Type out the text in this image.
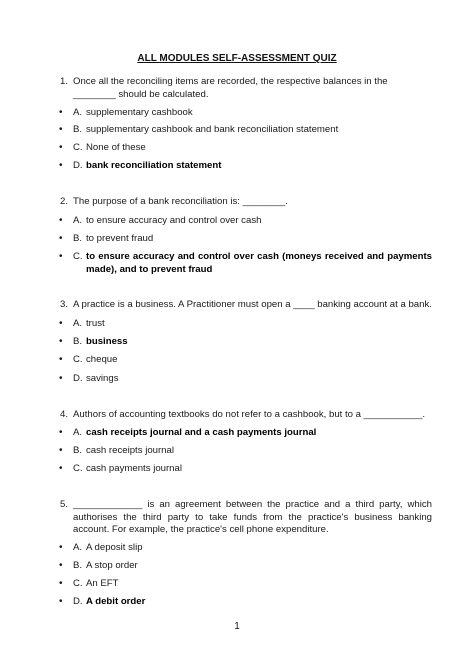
ALL MODULES SELF-ASSESSMENT QUIZ
1. Once all the reconciling items are recorded, the respective balances in the ________ should be calculated.
• A. supplementary cashbook
• B. supplementary cashbook and bank reconciliation statement
• C. None of these
• D. bank reconciliation statement
2. The purpose of a bank reconciliation is: ________.
• A. to ensure accuracy and control over cash
• B. to prevent fraud
• C. to ensure accuracy and control over cash (moneys received and payments made), and to prevent fraud
3. A practice is a business. A Practitioner must open a ____ banking account at a bank.
• A. trust
• B. business
• C. cheque
• D. savings
4. Authors of accounting textbooks do not refer to a cashbook, but to a ___________.
• A. cash receipts journal and a cash payments journal
• B. cash receipts journal
• C. cash payments journal
5. _____________ is an agreement between the practice and a third party, which authorises the third party to take funds from the practice's business banking account. For example, the practice's cell phone expenditure.
• A. A deposit slip
• B. A stop order
• C. An EFT
• D. A debit order
1
